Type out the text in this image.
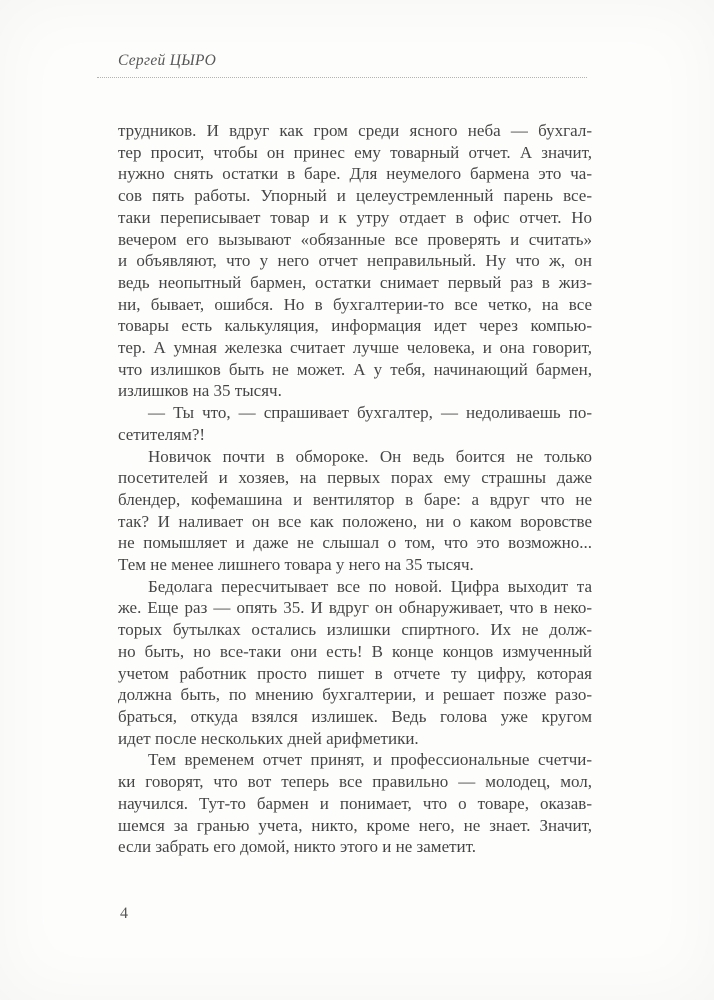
Сергей ЦЫРО
трудников. И вдруг как гром среди ясного неба — бухгал-
тер просит, чтобы он принес ему товарный отчет. А значит,
нужно снять остатки в баре. Для неумелого бармена это ча-
сов пять работы. Упорный и целеустремленный парень все-
таки переписывает товар и к утру отдает в офис отчет. Но
вечером его вызывают «обязанные все проверять и считать»
и объявляют, что у него отчет неправильный. Ну что ж, он
ведь неопытный бармен, остатки снимает первый раз в жиз-
ни, бывает, ошибся. Но в бухгалтерии-то все четко, на все
товары есть калькуляция, информация идет через компью-
тер. А умная железка считает лучше человека, и она говорит,
что излишков быть не может. А у тебя, начинающий бармен,
излишков на 35 тысяч.
— Ты что, — спрашивает бухгалтер, — недоливаешь по-
сетителям?!
Новичок почти в обмороке. Он ведь боится не только
посетителей и хозяев, на первых порах ему страшны даже
блендер, кофемашина и вентилятор в баре: а вдруг что не
так? И наливает он все как положено, ни о каком воровстве
не помышляет и даже не слышал о том, что это возможно...
Тем не менее лишнего товара у него на 35 тысяч.
Бедолага пересчитывает все по новой. Цифра выходит та
же. Еще раз — опять 35. И вдруг он обнаруживает, что в неко-
торых бутылках остались излишки спиртного. Их не долж-
но быть, но все-таки они есть! В конце концов измученный
учетом работник просто пишет в отчете ту цифру, которая
должна быть, по мнению бухгалтерии, и решает позже разо-
браться, откуда взялся излишек. Ведь голова уже кругом
идет после нескольких дней арифметики.
Тем временем отчет принят, и профессиональные счетчи-
ки говорят, что вот теперь все правильно — молодец, мол,
научился. Тут-то бармен и понимает, что о товаре, оказав-
шемся за гранью учета, никто, кроме него, не знает. Значит,
если забрать его домой, никто этого и не заметит.
4
